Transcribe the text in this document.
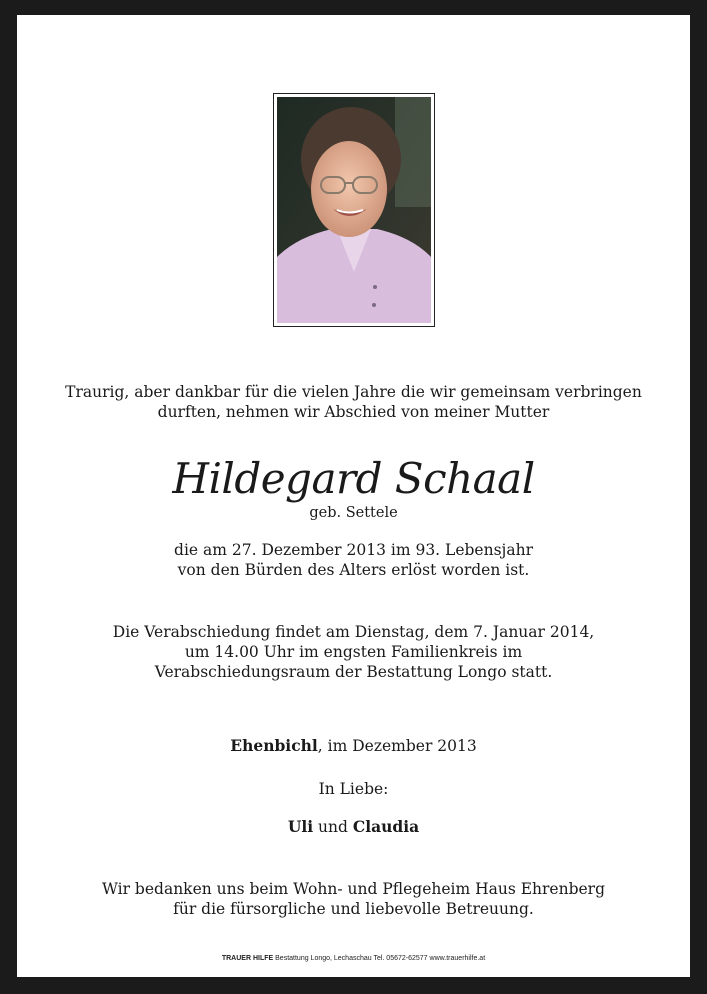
Traurig, aber dankbar für die vielen Jahre die wir gemeinsam verbringen
durften, nehmen wir Abschied von meiner Mutter
Hildegard Schaal
geb. Settele
die am 27. Dezember 2013 im 93. Lebensjahr
von den Bürden des Alters erlöst worden ist.
Die Verabschiedung findet am Dienstag, dem 7. Januar 2014,
um 14.00 Uhr im engsten Familienkreis im
Verabschiedungsraum der Bestattung Longo statt.
Ehenbichl, im Dezember 2013
In Liebe:
Uli und Claudia
Wir bedanken uns beim Wohn- und Pflegeheim Haus Ehrenberg
für die fürsorgliche und liebevolle Betreuung.
TRAUER HILFE Bestattung Longo, Lechaschau Tel. 05672-62577 www.trauerhilfe.at
